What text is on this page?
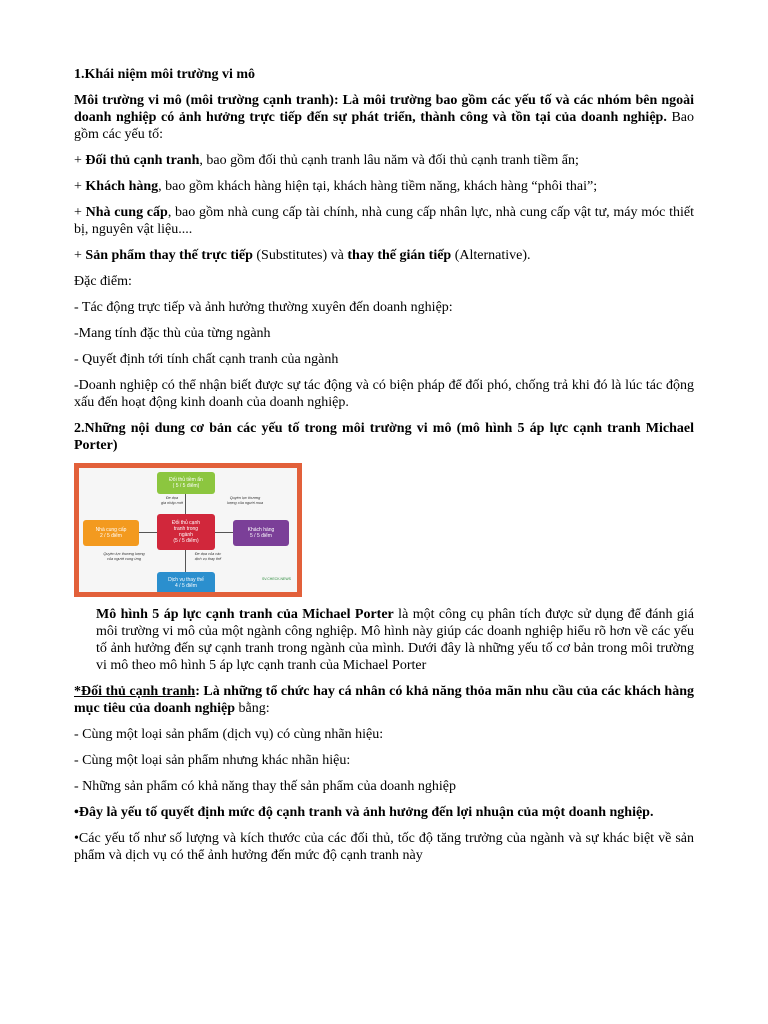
1.Khái niệm môi trường vi mô

Môi trường vi mô (môi trường cạnh tranh): Là môi trường bao gồm các yếu tố và các nhóm bên ngoài doanh nghiệp có ảnh hưởng trực tiếp đến sự phát triển, thành công và tồn tại của doanh nghiệp. Bao gồm các yếu tố:

+ Đối thủ cạnh tranh, bao gồm đối thủ cạnh tranh lâu năm và đối thủ cạnh tranh tiềm ẩn;

+ Khách hàng, bao gồm khách hàng hiện tại, khách hàng tiềm năng, khách hàng “phôi thai”;

+ Nhà cung cấp, bao gồm nhà cung cấp tài chính, nhà cung cấp nhân lực, nhà cung cấp vật tư, máy móc thiết bị, nguyên vật liệu....

+ Sản phẩm thay thế trực tiếp (Substitutes) và thay thế gián tiếp (Alternative).

Đặc điểm:

- Tác động trực tiếp và ảnh hưởng thường xuyên đến doanh nghiệp:

-Mang tính đặc thù của từng ngành

- Quyết định tới tính chất cạnh tranh của ngành

-Doanh nghiệp có thể nhận biết được sự tác động và có biện pháp để đối phó, chống trả khi đó là lúc tác động xấu đến hoạt động kinh doanh của doanh nghiệp.

2.Những nội dung cơ bản các yếu tố trong môi trường vi mô (mô hình 5 áp lực cạnh tranh Michael Porter)

Đối thủ tiềm ẩn
( 5 / 5 điểm)
Đối thủ cạnh
tranh trong
ngành
(5 / 5 điểm)
Nhà cung cấp
2 / 5 điểm
Khách hàng
5 / 5 điểm
Dịch vụ thay thế
4 / 5 điểm
Đe dọa
gia nhập mới
Quyền lực thương
lượng của người mua
Quyền lực thương lượng
của người cung ứng
Đe dọa của các
dịch vụ thay thế
SV.CHECK.NEWS

Mô hình 5 áp lực cạnh tranh của Michael Porter là một công cụ phân tích được sử dụng để đánh giá môi trường vi mô của một ngành công nghiệp. Mô hình này giúp các doanh nghiệp hiểu rõ hơn về các yếu tố ảnh hưởng đến sự cạnh tranh trong ngành của mình. Dưới đây là những yếu tố cơ bản trong môi trường vi mô theo mô hình 5 áp lực cạnh tranh của Michael Porter

*Đối thủ cạnh tranh: Là những tổ chức hay cá nhân có khả năng thỏa mãn nhu cầu của các khách hàng mục tiêu của doanh nghiệp bằng:

- Cùng một loại sản phẩm (dịch vụ) có cùng nhãn hiệu:

- Cùng một loại sản phẩm nhưng khác nhãn hiệu:

- Những sản phẩm có khả năng thay thế sản phẩm của doanh nghiệp

•Đây là yếu tố quyết định mức độ cạnh tranh và ảnh hưởng đến lợi nhuận của một doanh nghiệp.

•Các yếu tố như số lượng và kích thước của các đối thủ, tốc độ tăng trưởng của ngành và sự khác biệt về sản phẩm và dịch vụ có thể ảnh hưởng đến mức độ cạnh tranh này
